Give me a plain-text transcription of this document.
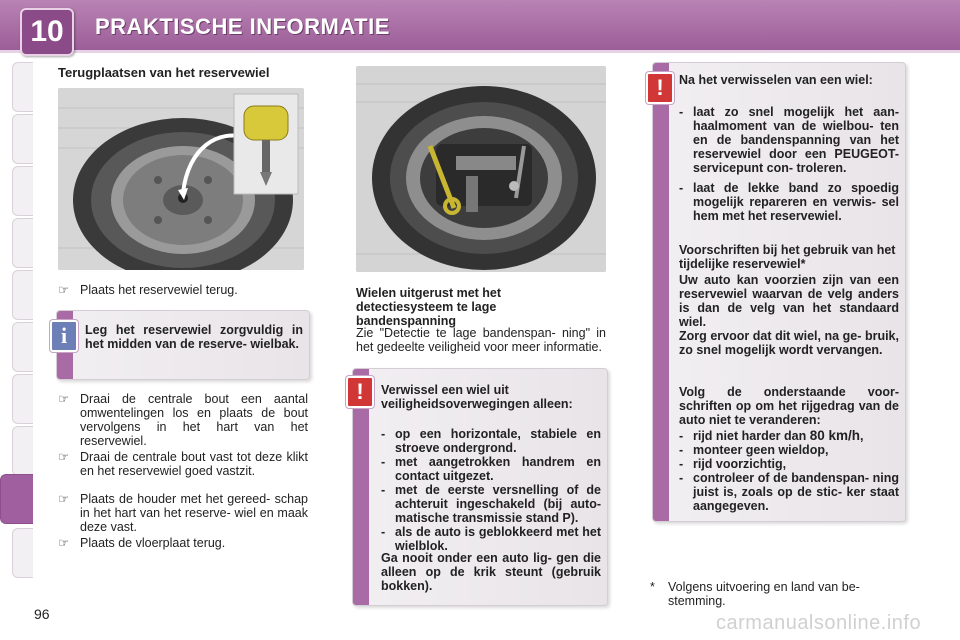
10	PRAKTISCHE INFORMATIE
Terugplaatsen van het reservewiel
☞ Plaats het reservewiel terug.
Leg het reservewiel zorgvuldig in het midden van de reserve- wielbak.
i
☞ Draai de centrale bout een aantal omwentelingen los en plaats de bout vervolgens in het hart van het reservewiel.
☞ Draai de centrale bout vast tot deze klikt en het reservewiel goed vastzit.
☞ Plaats de houder met het gereed- schap in het hart van het reserve- wiel en maak deze vast.
☞ Plaats de vloerplaat terug.
Wielen uitgerust met het detectiesysteem te lage bandenspanning
Zie "Detectie te lage bandenspan- ning" in het gedeelte veiligheid voor meer informatie.
Verwissel een wiel uit veiligheidsoverwegingen alleen:
- op een horizontale, stabiele en stroeve ondergrond.
- met aangetrokken handrem en contact uitgezet.
- met de eerste versnelling of de achteruit ingeschakeld (bij auto- matische transmissie stand P).
- als de auto is geblokkeerd met het wielblok.
Ga nooit onder een auto lig- gen die alleen op de krik steunt (gebruik bokken).
!
Na het verwisselen van een wiel:
- laat zo snel mogelijk het aan- haalmoment van de wielbou- ten en de bandenspanning van het reservewiel door een PEUGEOT-servicepunt con- troleren.
- laat de lekke band zo spoedig mogelijk repareren en verwis- sel hem met het reservewiel.
Voorschriften bij het gebruik van het tijdelijke reservewiel*
Uw auto kan voorzien zijn van een reservewiel waarvan de velg anders is dan de velg van het standaard wiel.
Zorg ervoor dat dit wiel, na ge- bruik, zo snel mogelijk wordt vervangen.
Volg de onderstaande voor- schriften op om het rijgedrag van de auto niet te veranderen:
- rijd niet harder dan 80 km/h,
- monteer geen wieldop,
- rijd voorzichtig,
- controleer of de bandenspan- ning juist is, zoals op de stic- ker staat aangegeven.
!
* Volgens uitvoering en land van be- stemming.
96	carmanualsonline.info
